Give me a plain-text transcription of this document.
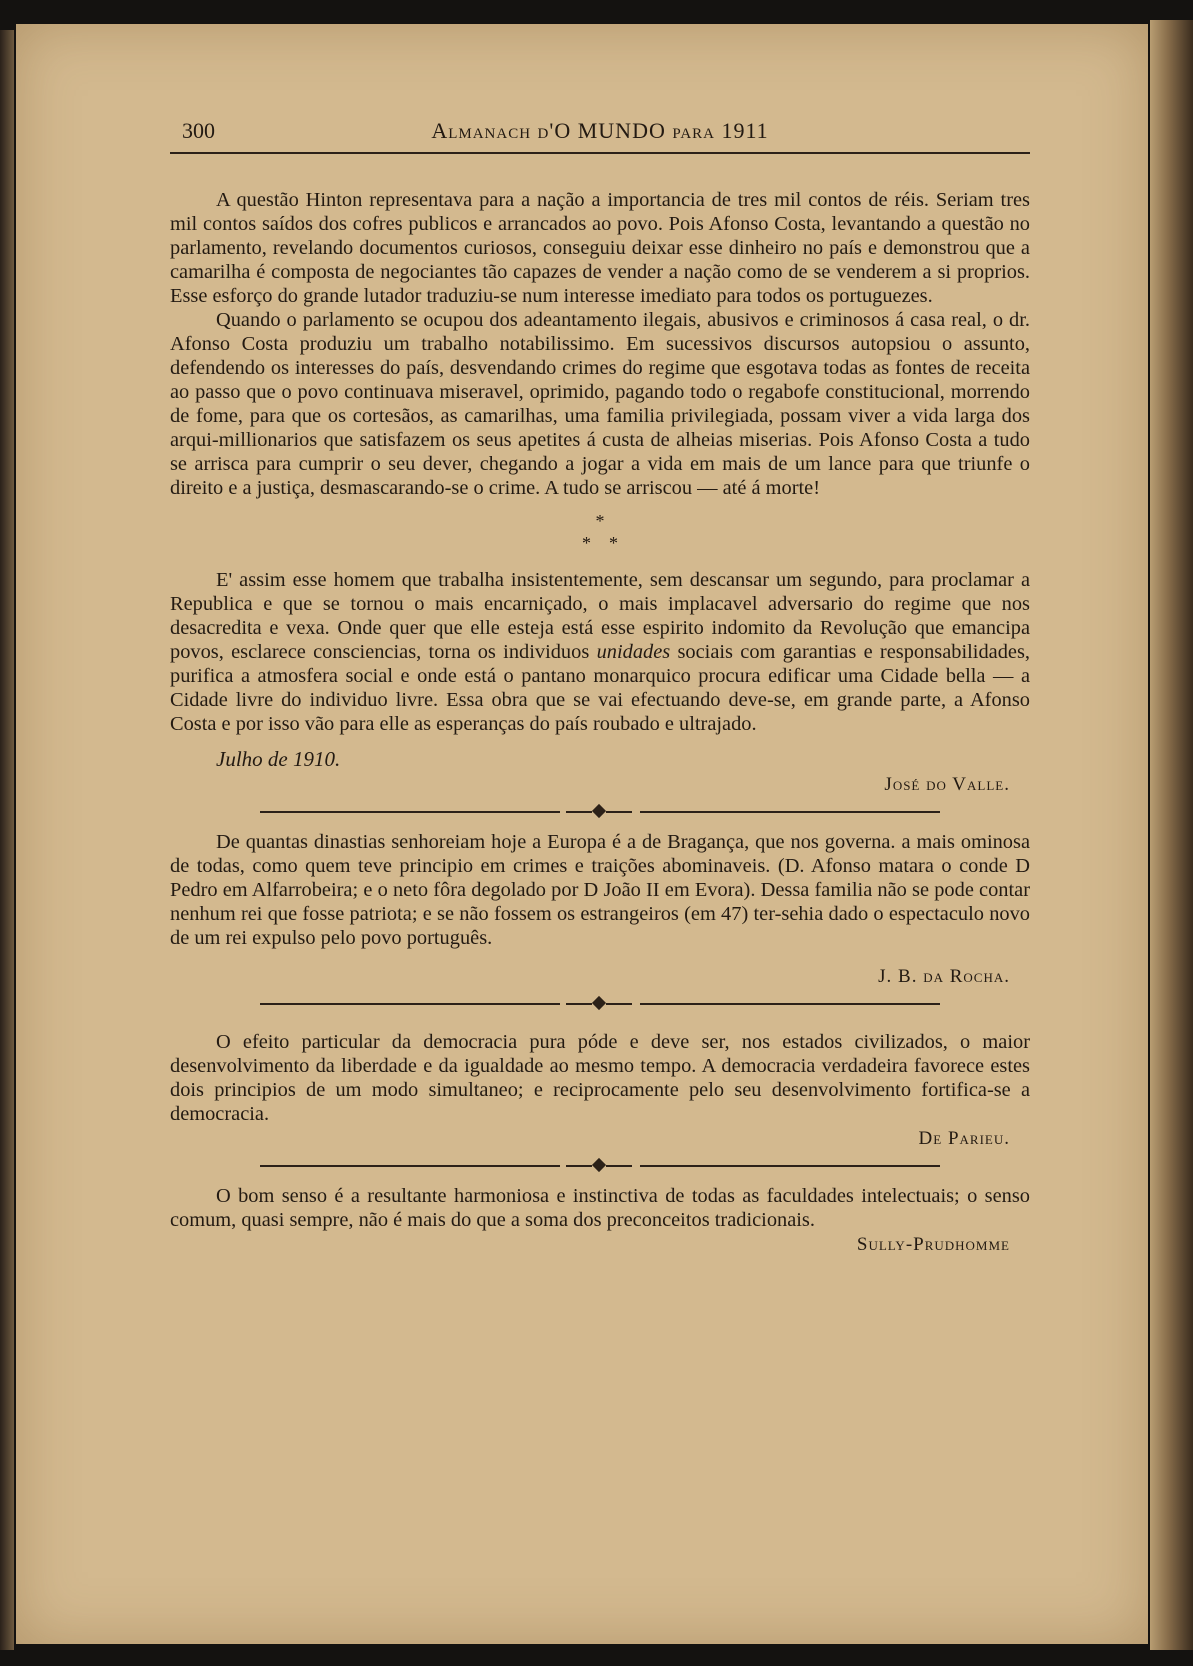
300	Almanach d'O MUNDO para 1911

A questão Hinton representava para a nação a importancia de tres mil contos de réis. Seriam tres mil contos saídos dos cofres publicos e arrancados ao povo. Pois Afonso Costa, levantando a questão no parlamento, revelando documentos curiosos, conseguiu deixar esse dinheiro no país e demonstrou que a camarilha é composta de negociantes tão capazes de vender a nação como de se venderem a si proprios. Esse esforço do grande lutador traduziu-se num interesse imediato para todos os portuguezes.

Quando o parlamento se ocupou dos adeantamento ilegais, abusivos e criminosos á casa real, o dr. Afonso Costa produziu um trabalho notabilissimo. Em sucessivos discursos autopsiou o assunto, defendendo os interesses do país, desvendando crimes do regime que esgotava todas as fontes de receita ao passo que o povo continuava miseravel, oprimido, pagando todo o regabofe constitucional, morrendo de fome, para que os cortesãos, as camarilhas, uma familia privilegiada, possam viver a vida larga dos arqui-millionarios que satisfazem os seus apetites á custa de alheias miserias. Pois Afonso Costa a tudo se arrisca para cumprir o seu dever, chegando a jogar a vida em mais de um lance para que triunfe o direito e a justiça, desmascarando-se o crime. A tudo se arriscou — até á morte!

*
**

E' assim esse homem que trabalha insistentemente, sem descansar um segundo, para proclamar a Republica e que se tornou o mais encarniçado, o mais implacavel adversario do regime que nos desacredita e vexa. Onde quer que elle esteja está esse espirito indomito da Revolução que emancipa povos, esclarece consciencias, torna os individuos unidades sociais com garantias e responsabilidades, purifica a atmosfera social e onde está o pantano monarquico procura edificar uma Cidade bella — a Cidade livre do individuo livre. Essa obra que se vai efectuando deve-se, em grande parte, a Afonso Costa e por isso vão para elle as esperanças do país roubado e ultrajado.

Julho de 1910.
José do Valle.

De quantas dinastias senhoreiam hoje a Europa é a de Bragança, que nos governa. a mais ominosa de todas, como quem teve principio em crimes e traições abominaveis. (D. Afonso matara o conde D Pedro em Alfarrobeira; e o neto fôra degolado por D João II em Evora). Dessa familia não se pode contar nenhum rei que fosse patriota; e se não fossem os estrangeiros (em 47) ter-sehia dado o espectaculo novo de um rei expulso pelo povo português.

J. B. da Rocha.

O efeito particular da democracia pura póde e deve ser, nos estados civilizados, o maior desenvolvimento da liberdade e da igualdade ao mesmo tempo. A democracia verdadeira favorece estes dois principios de um modo simultaneo; e reciprocamente pelo seu desenvolvimento fortifica-se a democracia.

De Parieu.

O bom senso é a resultante harmoniosa e instinctiva de todas as faculdades intelectuais; o senso comum, quasi sempre, não é mais do que a soma dos preconceitos tradicionais.

Sully-Prudhomme
